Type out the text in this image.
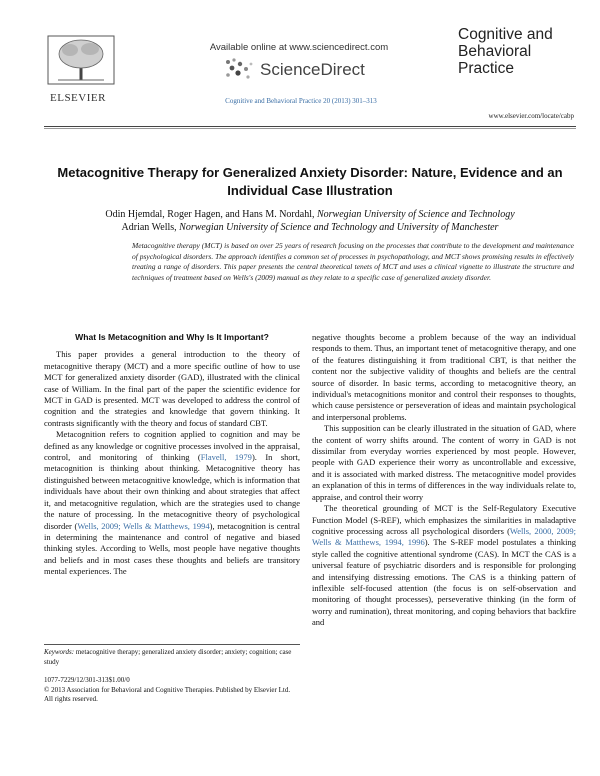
ELSEVIER
Available online at www.sciencedirect.com
ScienceDirect
Cognitive and Behavioral Practice 20 (2013) 301–313
Cognitive and
Behavioral
Practice
www.elsevier.com/locate/cabp
Metacognitive Therapy for Generalized Anxiety Disorder: Nature, Evidence and an Individual Case Illustration
Odin Hjemdal, Roger Hagen, and Hans M. Nordahl, Norwegian University of Science and Technology
Adrian Wells, Norwegian University of Science and Technology and University of Manchester
Metacognitive therapy (MCT) is based on over 25 years of research focusing on the processes that contribute to the development and maintenance of psychological disorders. The approach identifies a common set of processes in psychopathology, and MCT shows promising results in effectively treating a range of disorders. This paper presents the central theoretical tenets of MCT and uses a clinical vignette to illustrate the structure and techniques of treatment based on Wells's (2009) manual as they relate to a specific case of generalized anxiety disorder.
What Is Metacognition and Why Is It Important?

This paper provides a general introduction to the theory of metacognitive therapy (MCT) and a more specific outline of how to use MCT for generalized anxiety disorder (GAD), illustrated with the clinical case of William. In the final part of the paper the scientific evidence for MCT in GAD is presented. MCT was developed to address the control of cognition and the strategies and knowledge that govern thinking. It contrasts significantly with the theory and focus of standard CBT.

Metacognition refers to cognition applied to cognition and may be defined as any knowledge or cognitive processes involved in the appraisal, control, and monitoring of thinking (Flavell, 1979). In short, metacognition is thinking about thinking. Metacognitive theory has distinguished between metacognitive knowledge, which is information that individuals have about their own thinking and about strategies that affect it, and metacognitive regulation, which are the strategies used to change the nature of processing. In the metacognitive theory of psychological disorder (Wells, 2009; Wells & Matthews, 1994), metacognition is central in determining the maintenance and control of negative and biased thinking styles. According to Wells, most people have negative thoughts and beliefs and in most cases these thoughts and beliefs are transitory mental experiences. The

Keywords: metacognitive therapy; generalized anxiety disorder; anxiety; cognition; case study
1077-7229/12/301-313$1.00/0
© 2013 Association for Behavioral and Cognitive Therapies. Published by Elsevier Ltd. All rights reserved.

negative thoughts become a problem because of the way an individual responds to them. Thus, an important tenet of metacognitive therapy, and one of the features distinguishing it from traditional CBT, is that neither the content nor the subjective validity of thoughts and beliefs are the central source of disorder. In basic terms, according to metacognitive theory, an individual's metacognitions monitor and control their responses to thoughts, which cause persistence or perseveration of ideas and maintain psychological and interpersonal problems.

This supposition can be clearly illustrated in the situation of GAD, where the content of worry shifts around. The content of worry in GAD is not dissimilar from everyday worries experienced by most people. However, people with GAD experience their worry as uncontrollable and excessive, and it is associated with marked distress. The metacognitive model provides an explanation of this in terms of differences in the way individuals relate to, appraise, and control their worry

The theoretical grounding of MCT is the Self-Regulatory Executive Function Model (S-REF), which emphasizes the similarities in maladaptive cognitive processing across all psychological disorders (Wells, 2000, 2009; Wells & Matthews, 1994, 1996). The S-REF model postulates a thinking style called the cognitive attentional syndrome (CAS). In MCT the CAS is a universal feature of psychiatric disorders and is responsible for prolonging and intensifying distressing emotions. The CAS is a thinking pattern of inflexible self-focused attention (the focus is on self-observation and monitoring of thought processes), perseverative thinking (in the form of worry and rumination), threat monitoring, and coping behaviors that backfire and
